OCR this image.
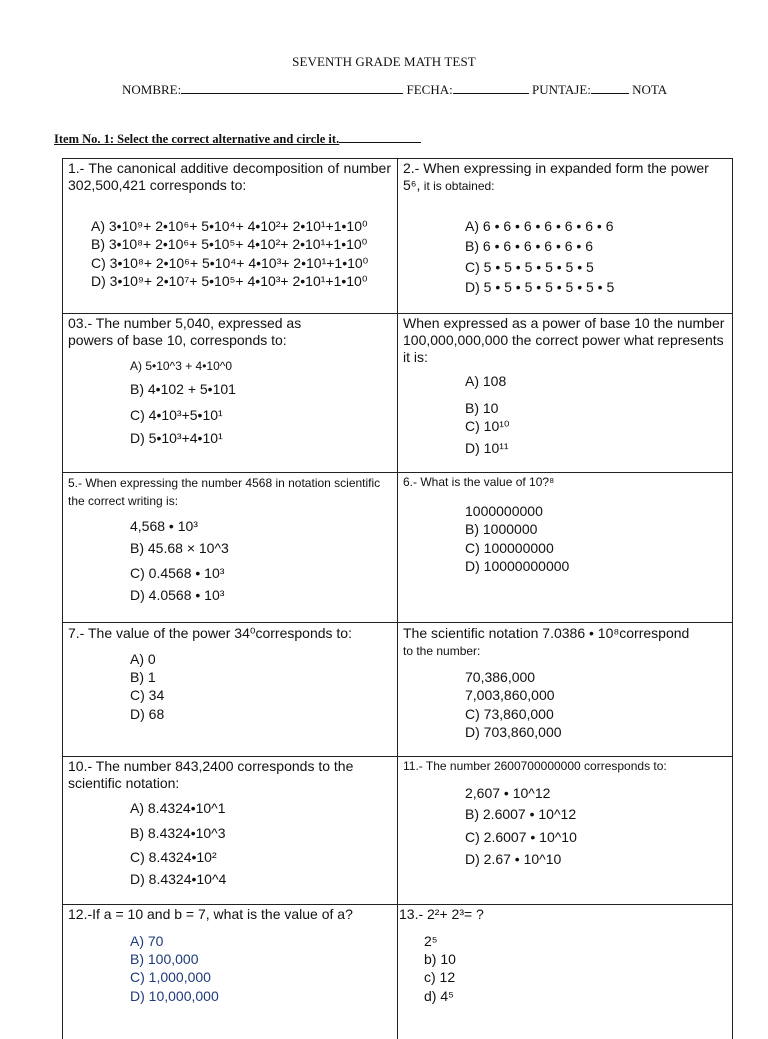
SEVENTH GRADE MATH TEST
NOMBRE:	FECHA:	PUNTAJE:	NOTA
Item No. 1: Select the correct alternative and circle it.

1.- The canonical additive decomposition of number 302,500,421 corresponds to:

A) 3•10⁹+ 2•10⁶+ 5•10⁴+ 4•10²+ 2•10¹+1•10⁰
B) 3•10⁸+ 2•10⁶+ 5•10⁵+ 4•10²+ 2•10¹+1•10⁰
C) 3•10⁸+ 2•10⁶+ 5•10⁴+ 4•10³+ 2•10¹+1•10⁰
D) 3•10⁹+ 2•10⁷+ 5•10⁵+ 4•10³+ 2•10¹+1•10⁰

2.- When expressing in expanded form the power 5⁶, it is obtained:

A) 6 • 6 • 6 • 6 • 6 • 6 • 6
B) 6 • 6 • 6 • 6 • 6 • 6
C) 5 • 5 • 5 • 5 • 5 • 5
D) 5 • 5 • 5 • 5 • 5 • 5 • 5

03.- The number 5,040, expressed as powers of base 10, corresponds to:

A) 5•10^3 + 4•10^0
B) 4•102 + 5•101
C) 4•10³+5•10¹
D) 5•10³+4•10¹

When expressed as a power of base 10 the number 100,000,000,000 the correct power what represents it is:

A) 108
B) 10
C) 10¹⁰
D) 10¹¹

5.- When expressing the number 4568 in notation scientific the correct writing is:

4,568 • 10³
B) 45.68 × 10^3
C) 0.4568 • 10³
D) 4.0568 • 10³

6.- What is the value of 10?⁸

1000000000
B) 1000000
C) 100000000
D) 10000000000

7.- The value of the power 34⁰corresponds to:

A) 0
B) 1
C) 34
D) 68

The scientific notation 7.0386 • 10⁸correspond
to the number:

70,386,000
7,003,860,000
C) 73,860,000
D) 703,860,000

10.- The number 843,2400 corresponds to the scientific notation:

A) 8.4324•10^1
B) 8.4324•10^3
C) 8.4324•10²
D) 8.4324•10^4

11.- The number 2600700000000 corresponds to:

2,607 • 10^12
B) 2.6007 • 10^12
C) 2.6007 • 10^10
D) 2.67 • 10^10

12.-If a = 10 and b = 7, what is the value of a?

A) 70
B) 100,000
C) 1,000,000
D) 10,000,000

13.- 2²+ 2³= ?

2⁵
b) 10
c) 12
d) 4⁵
